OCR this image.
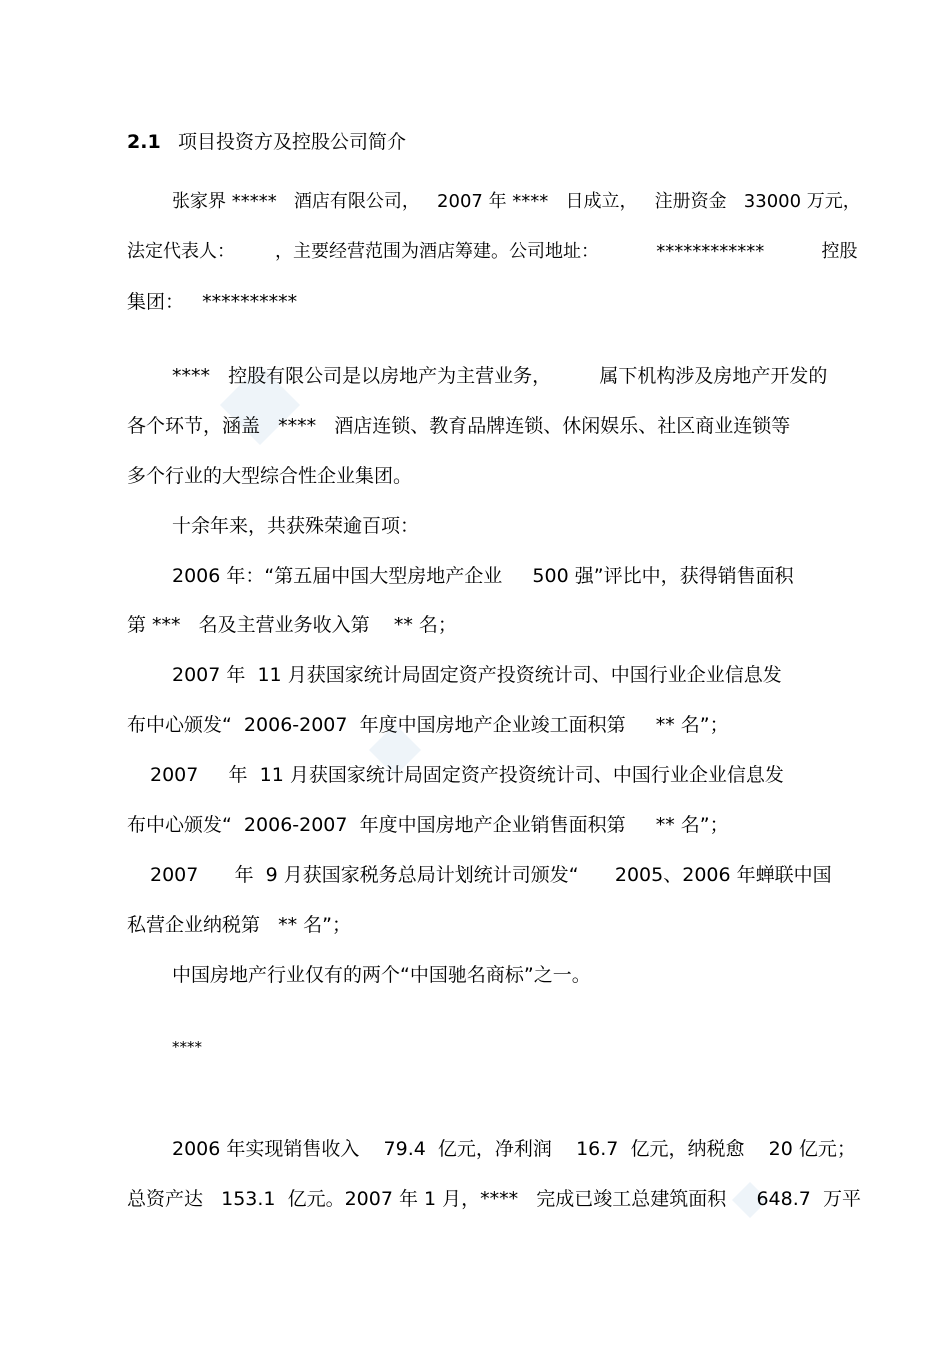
2.1 项目投资方及控股公司简介
张家界 *****   酒店有限公司，   2007 年 ****   日成立，   注册资金   33000 万元，
法定代表人：       ，主要经营范围为酒店筹建。公司地址：          ************          控股
集团：   **********
****   控股有限公司是以房地产为主营业务，        属下机构涉及房地产开发的
各个环节，涵盖   ****   酒店连锁、教育品牌连锁、休闲娱乐、社区商业连锁等
多个行业的大型综合性企业集团。
十余年来，共获殊荣逾百项：
2006 年：“第五届中国大型房地产企业     500 强”评比中，获得销售面积
第 ***   名及主营业务收入第    ** 名；
2007 年  11 月获国家统计局固定资产投资统计司、中国行业企业信息发
布中心颁发“  2006-2007  年度中国房地产企业竣工面积第     ** 名”；
2007     年  11 月获国家统计局固定资产投资统计司、中国行业企业信息发
布中心颁发“  2006-2007  年度中国房地产企业销售面积第     ** 名”；
2007      年  9 月获国家税务总局计划统计司颁发“      2005、2006 年蝉联中国
私营企业纳税第   ** 名”；
中国房地产行业仅有的两个“中国驰名商标”之一。
****
2006 年实现销售收入    79.4  亿元，净利润    16.7  亿元，纳税愈    20 亿元；
总资产达   153.1  亿元。2007 年 1 月，****   完成已竣工总建筑面积     648.7  万平
